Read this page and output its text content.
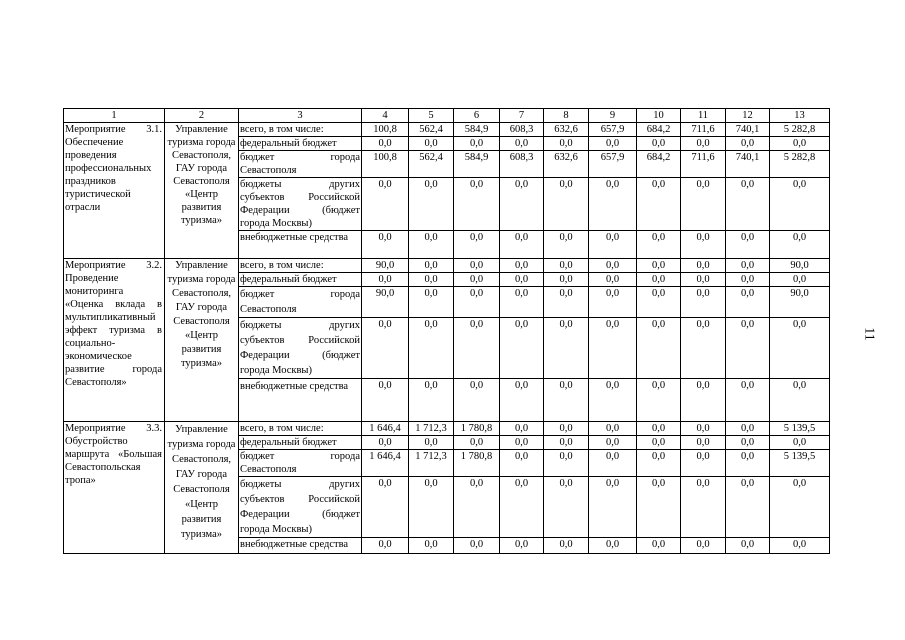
1	2	3	4	5	6	7	8	9	10	11	12	13
Мероприятие 3.1. Обеспечение проведения профессиональных праздников туристической отрасли	Управление туризма города Севастополя, ГАУ города Севастополя «Центр развития туризма»	всего, в том числе:	100,8	562,4	584,9	608,3	632,6	657,9	684,2	711,6	740,1	5 282,8
		федеральный бюджет	0,0	0,0	0,0	0,0	0,0	0,0	0,0	0,0	0,0	0,0
		бюджет города Севастополя	100,8	562,4	584,9	608,3	632,6	657,9	684,2	711,6	740,1	5 282,8
		бюджеты других субъектов Российской Федерации (бюджет города Москвы)	0,0	0,0	0,0	0,0	0,0	0,0	0,0	0,0	0,0	0,0
		внебюджетные средства	0,0	0,0	0,0	0,0	0,0	0,0	0,0	0,0	0,0	0,0
Мероприятие 3.2. Проведение мониторинга «Оценка вклада в мультипликативный эффект туризма в социально-экономическое развитие города Севастополя»	Управление туризма города Севастополя, ГАУ города Севастополя «Центр развития туризма»	всего, в том числе:	90,0	0,0	0,0	0,0	0,0	0,0	0,0	0,0	0,0	90,0
		федеральный бюджет	0,0	0,0	0,0	0,0	0,0	0,0	0,0	0,0	0,0	0,0
		бюджет города Севастополя	90,0	0,0	0,0	0,0	0,0	0,0	0,0	0,0	0,0	90,0
		бюджеты других субъектов Российской Федерации (бюджет города Москвы)	0,0	0,0	0,0	0,0	0,0	0,0	0,0	0,0	0,0	0,0
		внебюджетные средства	0,0	0,0	0,0	0,0	0,0	0,0	0,0	0,0	0,0	0,0
Мероприятие 3.3. Обустройство маршрута «Большая Севастопольская тропа»	Управление туризма города Севастополя, ГАУ города Севастополя «Центр развития туризма»	всего, в том числе:	1 646,4	1 712,3	1 780,8	0,0	0,0	0,0	0,0	0,0	0,0	5 139,5
		федеральный бюджет	0,0	0,0	0,0	0,0	0,0	0,0	0,0	0,0	0,0	0,0
		бюджет города Севастополя	1 646,4	1 712,3	1 780,8	0,0	0,0	0,0	0,0	0,0	0,0	5 139,5
		бюджеты других субъектов Российской Федерации (бюджет города Москвы)	0,0	0,0	0,0	0,0	0,0	0,0	0,0	0,0	0,0	0,0
		внебюджетные средства	0,0	0,0	0,0	0,0	0,0	0,0	0,0	0,0	0,0	0,0
11
